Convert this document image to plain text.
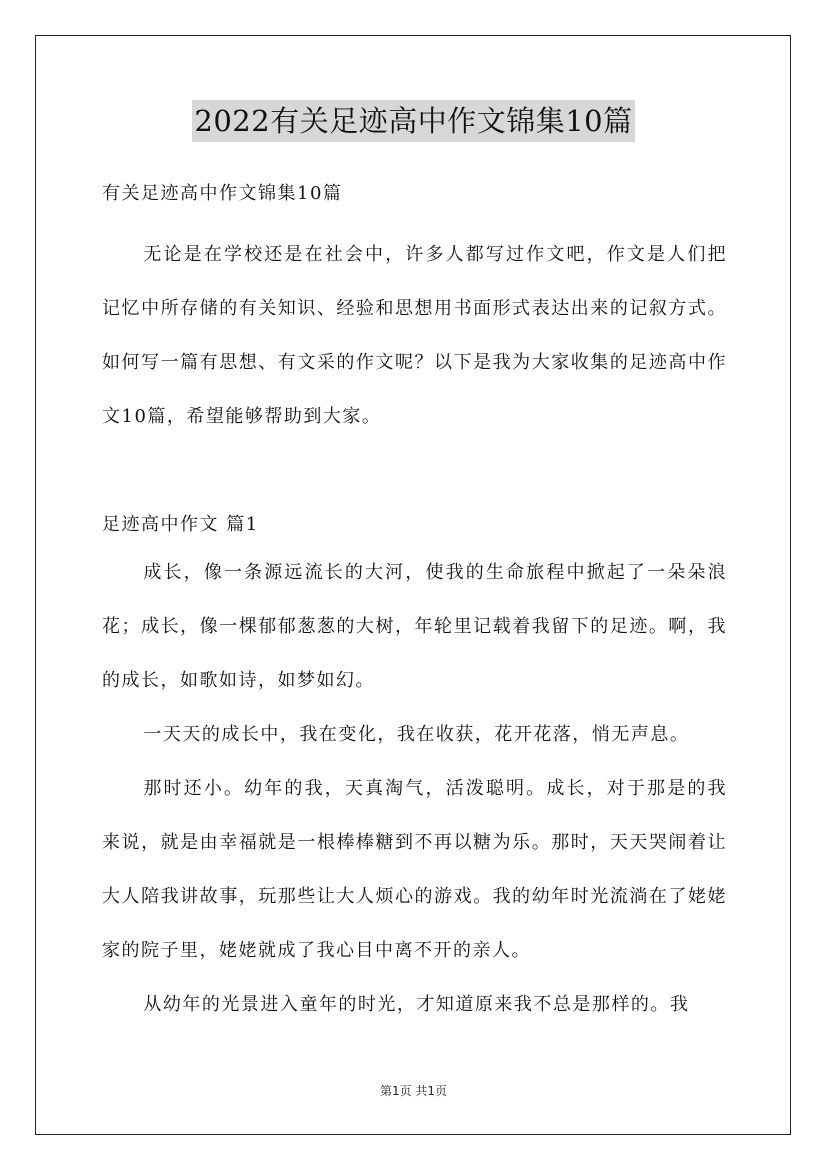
2022有关足迹高中作文锦集10篇

有关足迹高中作文锦集10篇

无论是在学校还是在社会中，许多人都写过作文吧，作文是人们把记忆中所存储的有关知识、经验和思想用书面形式表达出来的记叙方式。如何写一篇有思想、有文采的作文呢？以下是我为大家收集的足迹高中作文10篇，希望能够帮助到大家。

足迹高中作文 篇1

成长，像一条源远流长的大河，使我的生命旅程中掀起了一朵朵浪花；成长，像一棵郁郁葱葱的大树，年轮里记载着我留下的足迹。啊，我的成长，如歌如诗，如梦如幻。

一天天的成长中，我在变化，我在收获，花开花落，悄无声息。

那时还小。幼年的我，天真淘气，活泼聪明。成长，对于那是的我来说，就是由幸福就是一根棒棒糖到不再以糖为乐。那时，天天哭闹着让大人陪我讲故事，玩那些让大人烦心的游戏。我的幼年时光流淌在了姥姥家的院子里，姥姥就成了我心目中离不开的亲人。

从幼年的光景进入童年的时光，才知道原来我不总是那样的。我

第1页 共1页
